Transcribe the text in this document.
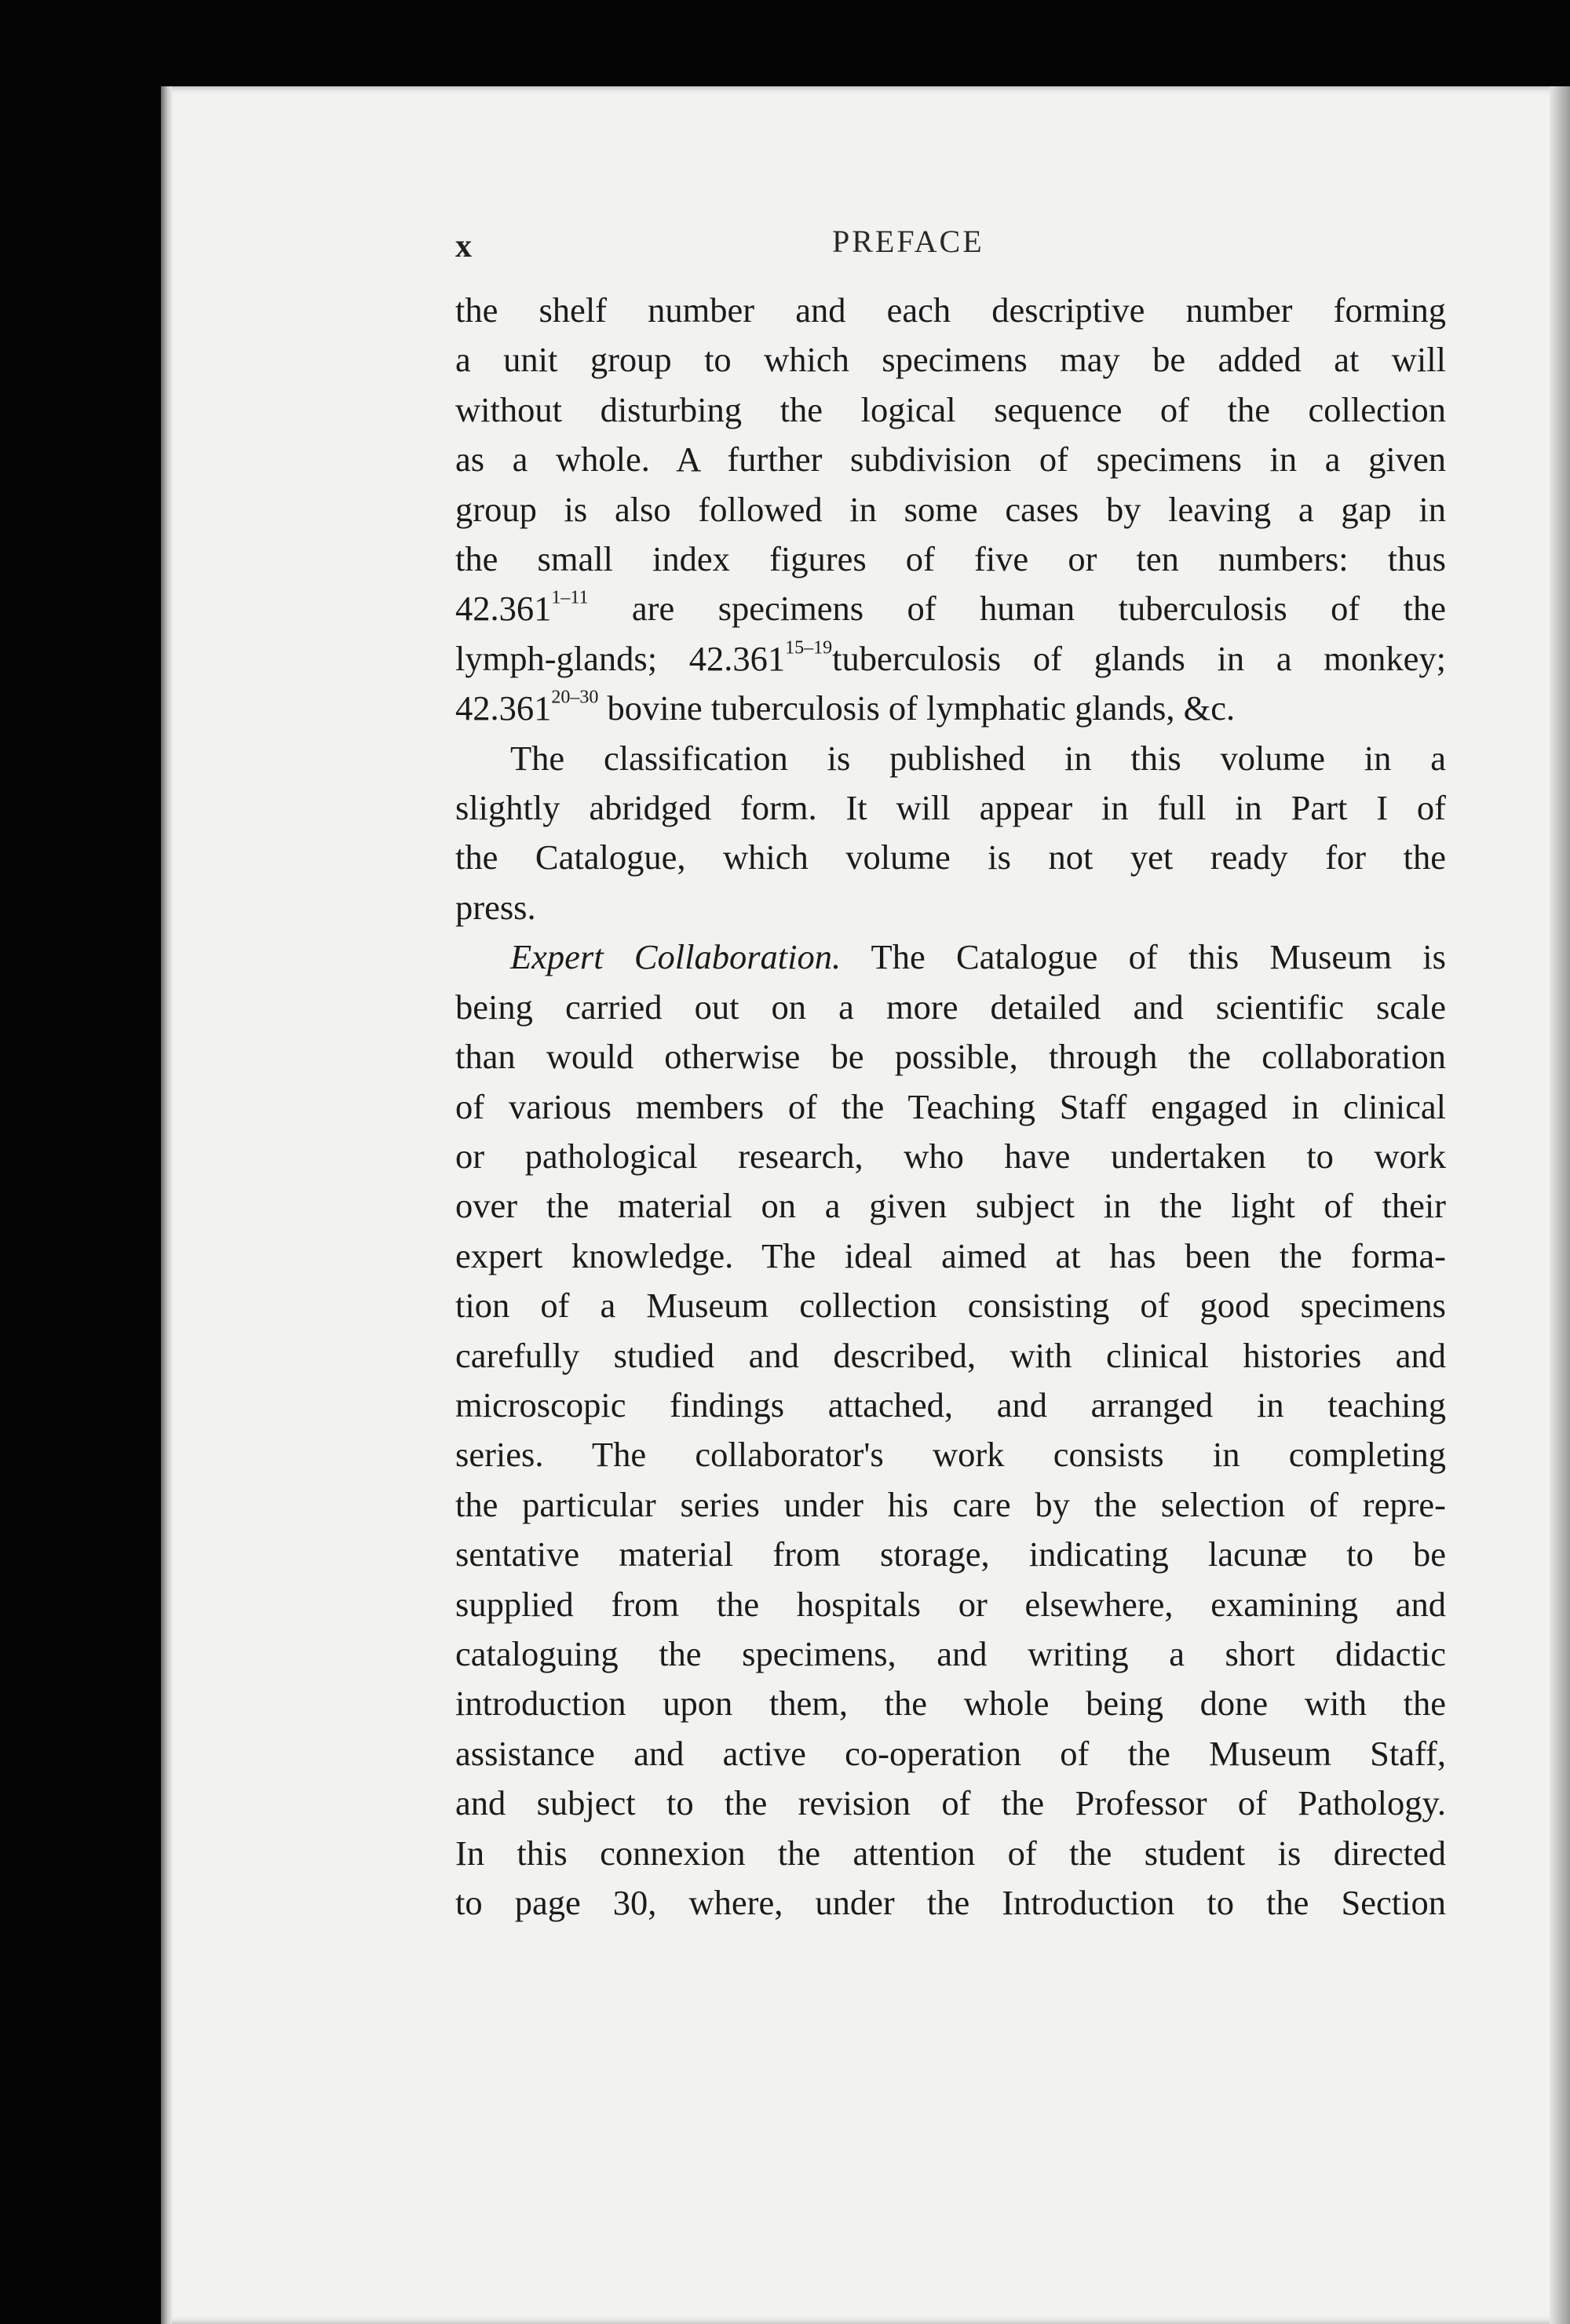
x	PREFACE
the shelf number and each descriptive number forming
a unit group to which specimens may be added at will
without disturbing the logical sequence of the collection
as a whole. A further subdivision of specimens in a given
group is also followed in some cases by leaving a gap in
the small index figures of five or ten numbers: thus
42.361$^{1-11}$ are specimens of human tuberculosis of the
lymph-glands; 42.361$^{15-19}$tuberculosis of glands in a monkey;
42.361$^{20-30}$ bovine tuberculosis of lymphatic glands, &c.
The classification is published in this volume in a
slightly abridged form. It will appear in full in Part I of
the Catalogue, which volume is not yet ready for the
press.
Expert Collaboration. The Catalogue of this Museum is
being carried out on a more detailed and scientific scale
than would otherwise be possible, through the collaboration
of various members of the Teaching Staff engaged in clinical
or pathological research, who have undertaken to work
over the material on a given subject in the light of their
expert knowledge. The ideal aimed at has been the forma-
tion of a Museum collection consisting of good specimens
carefully studied and described, with clinical histories and
microscopic findings attached, and arranged in teaching
series. The collaborator's work consists in completing
the particular series under his care by the selection of repre-
sentative material from storage, indicating lacunæ to be
supplied from the hospitals or elsewhere, examining and
cataloguing the specimens, and writing a short didactic
introduction upon them, the whole being done with the
assistance and active co-operation of the Museum Staff,
and subject to the revision of the Professor of Pathology.
In this connexion the attention of the student is directed
to page 30, where, under the Introduction to the Section
